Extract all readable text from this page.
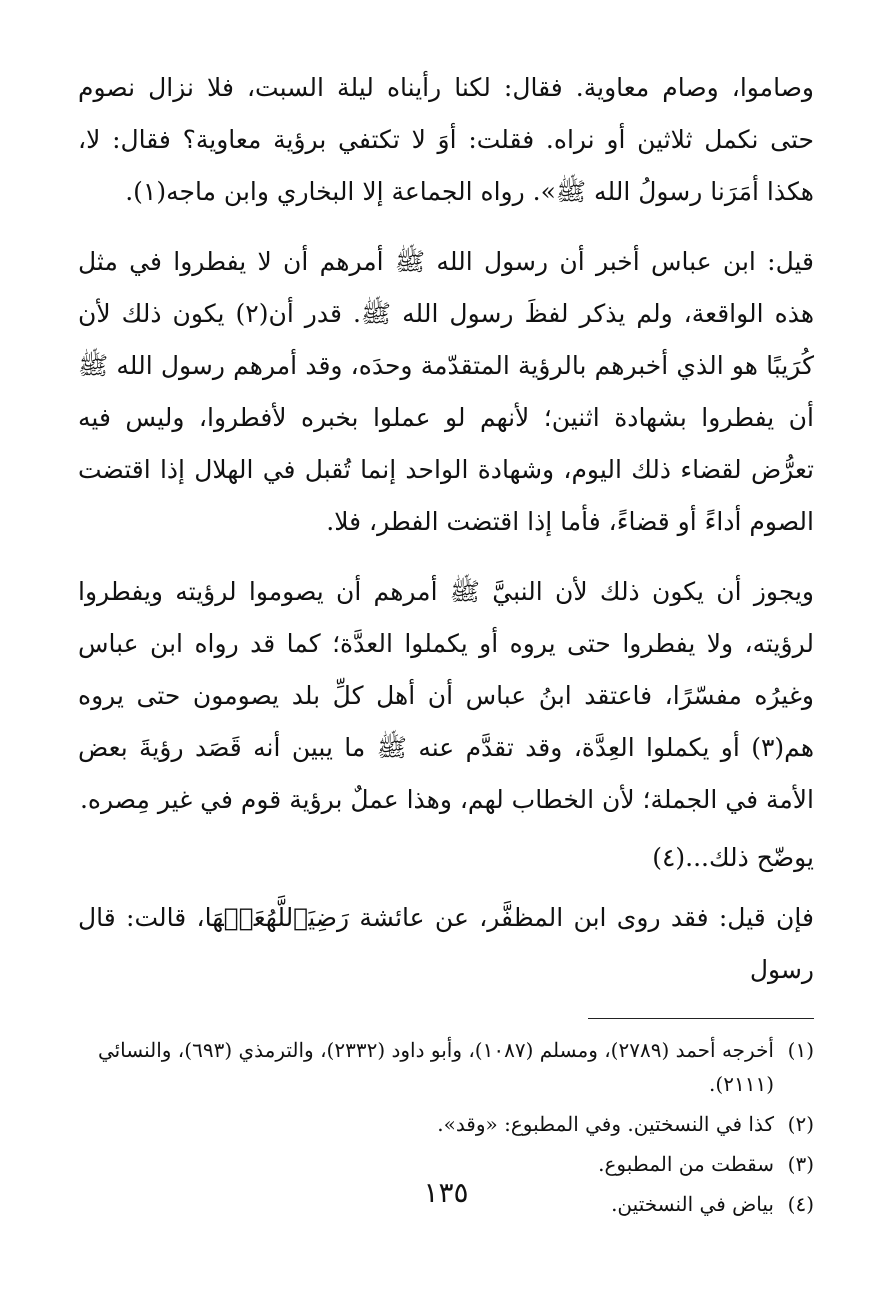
وصاموا، وصام معاوية. فقال: لكنا رأيناه ليلة السبت، فلا نزال نصوم حتى نكمل ثلاثين أو نراه. فقلت: أوَ لا تكتفي برؤية معاوية؟ فقال: لا، هكذا أمَرَنا رسولُ الله ﷺ». رواه الجماعة إلا البخاري وابن ماجه(١).

قيل: ابن عباس أخبر أن رسول الله ﷺ أمرهم أن لا يفطروا في مثل هذه الواقعة، ولم يذكر لفظَ رسول الله ﷺ. قدر أن(٢) يكون ذلك لأن كُرَيبًا هو الذي أخبرهم بالرؤية المتقدّمة وحدَه، وقد أمرهم رسول الله ﷺ أن يفطروا بشهادة اثنين؛ لأنهم لو عملوا بخبره لأفطروا، وليس فيه تعرُّض لقضاء ذلك اليوم، وشهادة الواحد إنما تُقبل في الهلال إذا اقتضت الصوم أداءً أو قضاءً، فأما إذا اقتضت الفطر، فلا.

ويجوز أن يكون ذلك لأن النبيَّ ﷺ أمرهم أن يصوموا لرؤيته ويفطروا لرؤيته، ولا يفطروا حتى يروه أو يكملوا العدَّة؛ كما قد رواه ابن عباس وغيرُه مفسّرًا، فاعتقد ابنُ عباس أن أهل كلِّ بلد يصومون حتى يروه هم(٣) أو يكملوا العِدَّة، وقد تقدَّم عنه ﷺ ما يبين أنه قَصَد رؤيةَ بعض الأمة في الجملة؛ لأن الخطاب لهم، وهذا عملٌ برؤية قوم في غير مِصره.

يوضّح ذلك...(٤)

فإن قيل: فقد روى ابن المظفَّر، عن عائشة رَضِيَٱللَّهُعَنۡهَا، قالت: قال رسول

(١)
أخرجه أحمد (٢٧٨٩)، ومسلم (١٠٨٧)، وأبو داود (٢٣٣٢)، والترمذي (٦٩٣)، والنسائي (٢١١١).
(٢)
كذا في النسختين. وفي المطبوع: «وقد».
(٣)
سقطت من المطبوع.
(٤)
بياض في النسختين.
١٣٥
